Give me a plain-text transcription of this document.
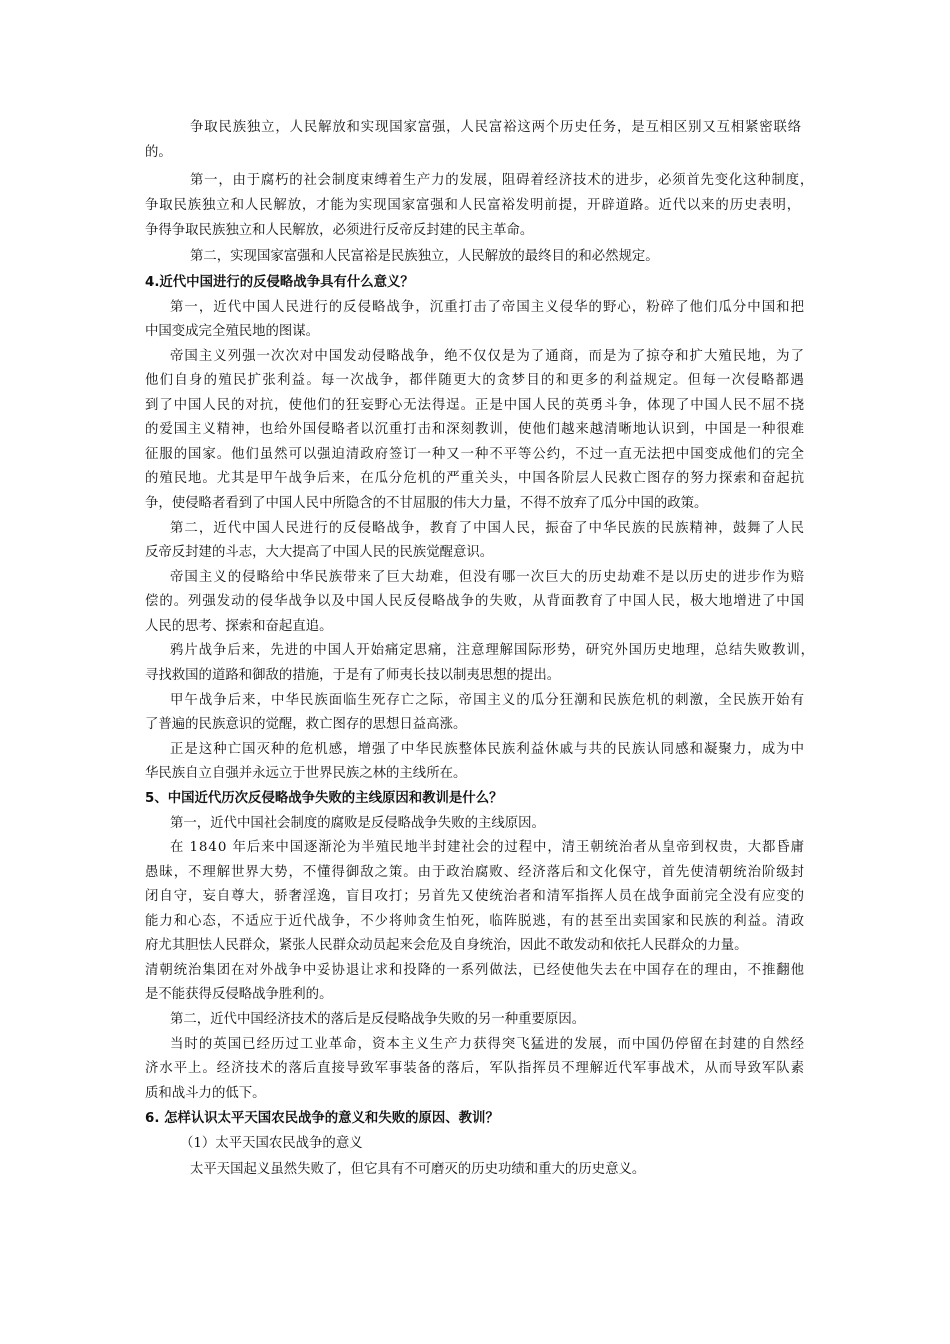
争取民族独立，人民解放和实现国家富强，人民富裕这两个历史任务，是互相区别又互相紧密联络
的。
第一，由于腐朽的社会制度束缚着生产力的发展，阻碍着经济技术的进步，必须首先变化这种制度，
争取民族独立和人民解放，才能为实现国家富强和人民富裕发明前提，开辟道路。近代以来的历史表明，
争得争取民族独立和人民解放，必须进行反帝反封建的民主革命。
第二，实现国家富强和人民富裕是民族独立，人民解放的最终目的和必然规定。
4.近代中国进行的反侵略战争具有什么意义？
第一，近代中国人民进行的反侵略战争，沉重打击了帝国主义侵华的野心，粉碎了他们瓜分中国和把
中国变成完全殖民地的图谋。
帝国主义列强一次次对中国发动侵略战争，绝不仅仅是为了通商，而是为了掠夺和扩大殖民地，为了
他们自身的殖民扩张利益。每一次战争，都伴随更大的贪梦目的和更多的利益规定。但每一次侵略都遇
到了中国人民的对抗，使他们的狂妄野心无法得逞。正是中国人民的英勇斗争，体现了中国人民不屈不挠
的爱国主义精神，也给外国侵略者以沉重打击和深刻教训，使他们越来越清晰地认识到，中国是一种很难
征服的国家。他们虽然可以强迫清政府签订一种又一种不平等公约，不过一直无法把中国变成他们的完全
的殖民地。尤其是甲午战争后来，在瓜分危机的严重关头，中国各阶层人民救亡图存的努力探索和奋起抗
争，使侵略者看到了中国人民中所隐含的不甘屈服的伟大力量，不得不放弃了瓜分中国的政策。
第二，近代中国人民进行的反侵略战争，教育了中国人民，振奋了中华民族的民族精神，鼓舞了人民
反帝反封建的斗志，大大提高了中国人民的民族觉醒意识。
帝国主义的侵略给中华民族带来了巨大劫难，但没有哪一次巨大的历史劫难不是以历史的进步作为赔
偿的。列强发动的侵华战争以及中国人民反侵略战争的失败，从背面教育了中国人民，极大地增进了中国
人民的思考、探索和奋起直追。
鸦片战争后来，先进的中国人开始痛定思痛，注意理解国际形势，研究外国历史地理，总结失败教训，
寻找救国的道路和御敌的措施，于是有了师夷长技以制夷思想的提出。
甲午战争后来，中华民族面临生死存亡之际，帝国主义的瓜分狂潮和民族危机的刺激，全民族开始有
了普遍的民族意识的觉醒，救亡图存的思想日益高涨。
正是这种亡国灭种的危机感，增强了中华民族整体民族利益休戚与共的民族认同感和凝聚力，成为中
华民族自立自强并永远立于世界民族之林的主线所在。
5、中国近代历次反侵略战争失败的主线原因和教训是什么？
第一，近代中国社会制度的腐败是反侵略战争失败的主线原因。
在 1840 年后来中国逐渐沦为半殖民地半封建社会的过程中，清王朝统治者从皇帝到权贵，大都昏庸
愚昧，不理解世界大势，不懂得御敌之策。由于政治腐败、经济落后和文化保守，首先使清朝统治阶级封
闭自守，妄自尊大，骄奢淫逸，盲目攻打；另首先又使统治者和清军指挥人员在战争面前完全没有应变的
能力和心态，不适应于近代战争，不少将帅贪生怕死，临阵脱逃，有的甚至出卖国家和民族的利益。清政
府尤其胆怯人民群众，紧张人民群众动员起来会危及自身统治，因此不敢发动和依托人民群众的力量。
清朝统治集团在对外战争中妥协退让求和投降的一系列做法，已经使他失去在中国存在的理由，不推翻他
是不能获得反侵略战争胜利的。
第二，近代中国经济技术的落后是反侵略战争失败的另一种重要原因。
当时的英国已经历过工业革命，资本主义生产力获得突飞猛进的发展，而中国仍停留在封建的自然经
济水平上。经济技术的落后直接导致军事装备的落后，军队指挥员不理解近代军事战术，从而导致军队素
质和战斗力的低下。
6. 怎样认识太平天国农民战争的意义和失败的原因、教训？
（1）太平天国农民战争的意义
太平天国起义虽然失败了，但它具有不可磨灭的历史功绩和重大的历史意义。
